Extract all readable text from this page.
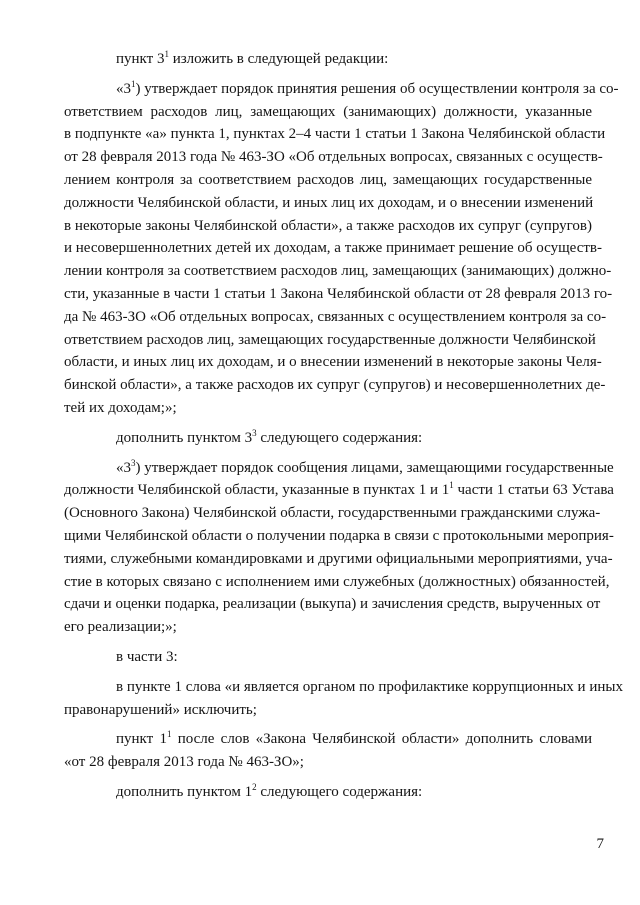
пункт $3^1$ изложить в следующей редакции:
«$3^1$) утверждает порядок принятия решения об осуществлении контроля за со-
ответствием расходов лиц, замещающих (занимающих) должности, указанные
в подпункте «а» пункта 1, пунктах 2–4 части 1 статьи 1 Закона Челябинской области
от 28 февраля 2013 года № 463-ЗО «Об отдельных вопросах, связанных с осуществ-
лением контроля за соответствием расходов лиц, замещающих государственные
должности Челябинской области, и иных лиц их доходам, и о внесении изменений
в некоторые законы Челябинской области», а также расходов их супруг (супругов)
и несовершеннолетних детей их доходам, а также принимает решение об осуществ-
лении контроля за соответствием расходов лиц, замещающих (занимающих) должно-
сти, указанные в части 1 статьи 1 Закона Челябинской области от 28 февраля 2013 го-
да № 463-ЗО «Об отдельных вопросах, связанных с осуществлением контроля за со-
ответствием расходов лиц, замещающих государственные должности Челябинской
области, и иных лиц их доходам, и о внесении изменений в некоторые законы Челя-
бинской области», а также расходов их супруг (супругов) и несовершеннолетних де-
тей их доходам;»;
дополнить пунктом $3^3$ следующего содержания:
«$3^3$) утверждает порядок сообщения лицами, замещающими государственные
должности Челябинской области, указанные в пунктах 1 и $1^1$ части 1 статьи 63 Устава
(Основного Закона) Челябинской области, государственными гражданскими служа-
щими Челябинской области о получении подарка в связи с протокольными мероприя-
тиями, служебными командировками и другими официальными мероприятиями, уча-
стие в которых связано с исполнением ими служебных (должностных) обязанностей,
сдачи и оценки подарка, реализации (выкупа) и зачисления средств, вырученных от
его реализации;»;
в части 3:
в пункте 1 слова «и является органом по профилактике коррупционных и иных
правонарушений» исключить;
пункт $1^1$ после слов «Закона Челябинской области» дополнить словами
«от 28 февраля 2013 года № 463-ЗО»;
дополнить пунктом $1^2$ следующего содержания:
7
